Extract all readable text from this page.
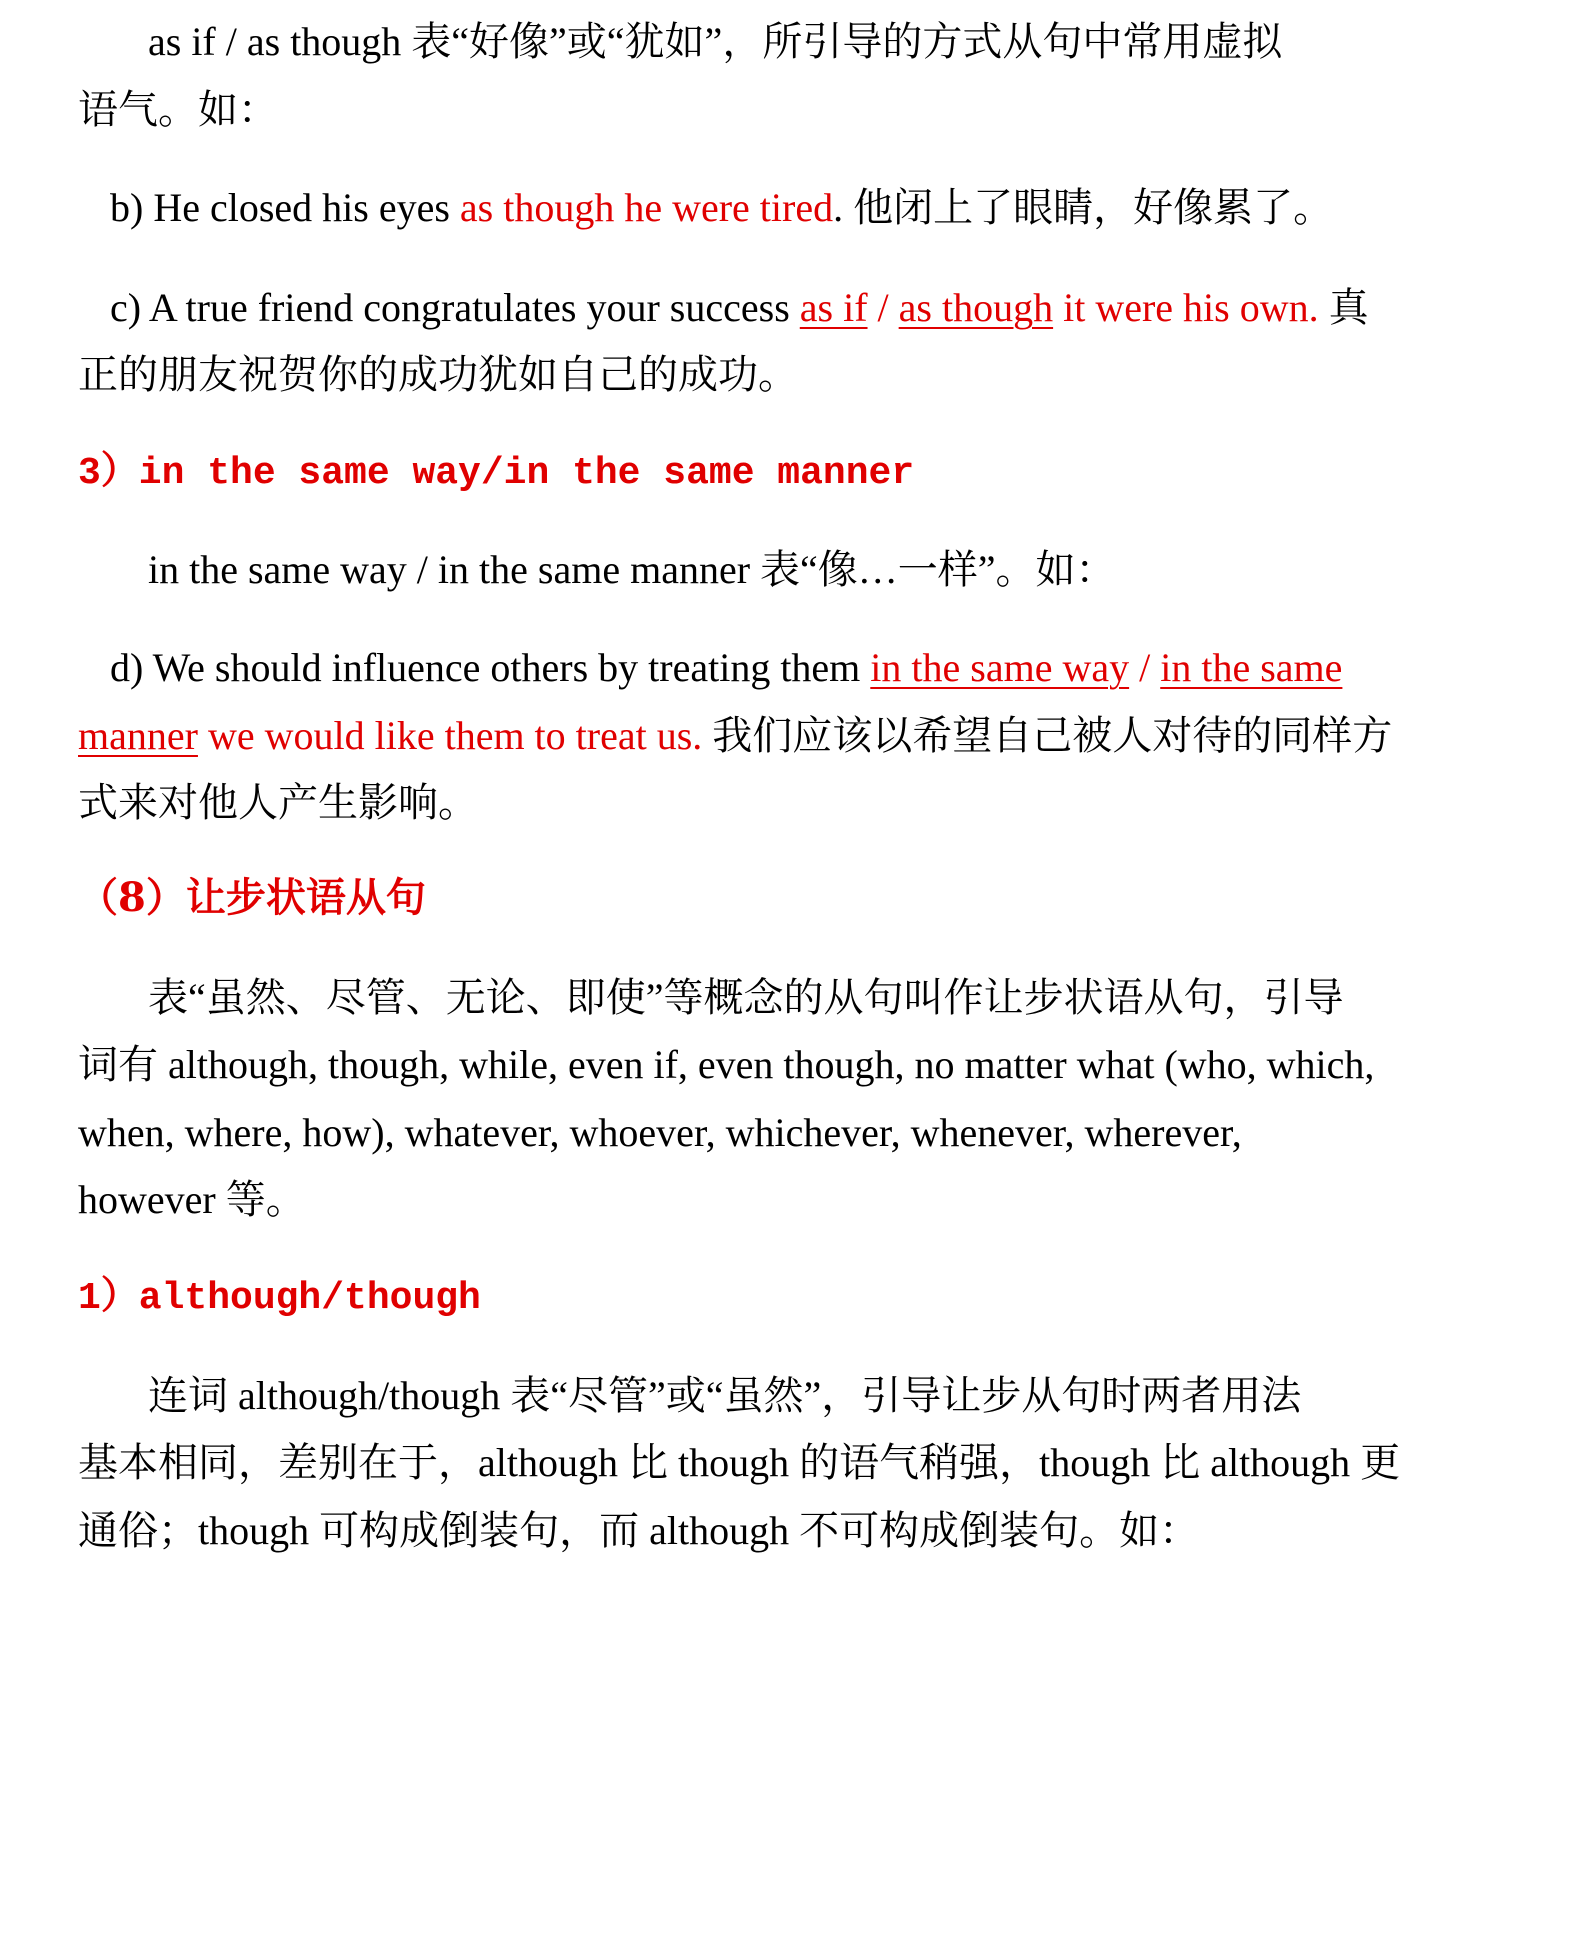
as if / as though 表“好像”或“犹如”，所引导的方式从句中常用虚拟
语气。如：
b) He closed his eyes as though he were tired. 他闭上了眼睛，好像累了。
c) A true friend congratulates your success as if / as though it were his own. 真
正的朋友祝贺你的成功犹如自己的成功。
3）in the same way/in the same manner
in the same way / in the same manner 表“像…一样”。如：
d) We should influence others by treating them in the same way / in the same
manner we would like them to treat us. 我们应该以希望自己被人对待的同样方
式来对他人产生影响。
（8）让步状语从句
表“虽然、尽管、无论、即使”等概念的从句叫作让步状语从句，引导
词有 although, though, while, even if, even though, no matter what (who, which,
when, where, how), whatever, whoever, whichever, whenever, wherever,
however 等。
1）although/though
连词 although/though 表“尽管”或“虽然”，引导让步从句时两者用法
基本相同，差别在于，although 比 though 的语气稍强，though 比 although 更
通俗；though 可构成倒装句，而 although 不可构成倒装句。如：
